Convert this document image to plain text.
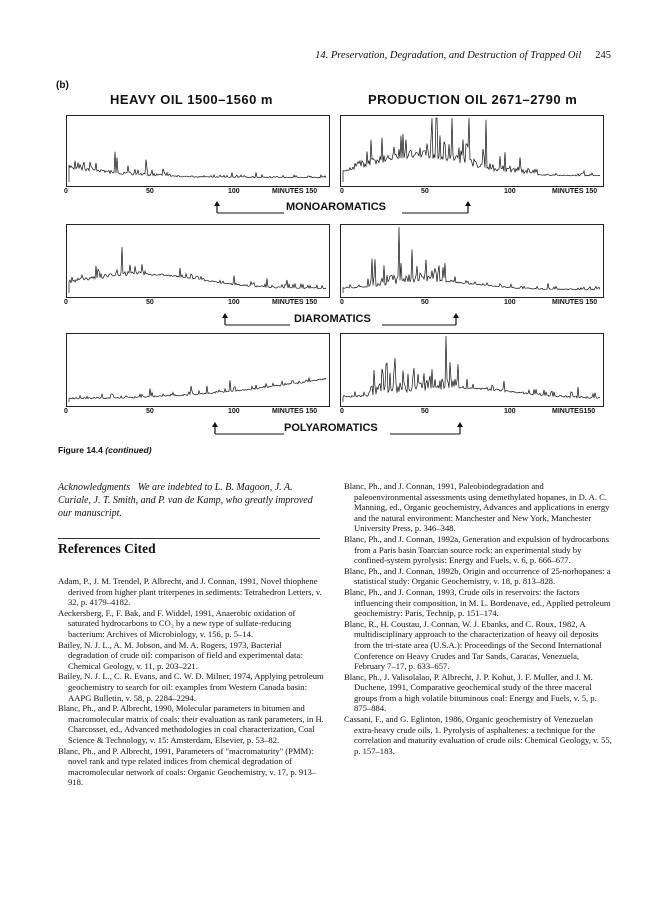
14. Preservation, Degradation, and Destruction of Trapped Oil 245
(b)
HEAVY OIL 1500–1560 m	PRODUCTION OIL 2671–2790 m
0	50	100	MINUTES 150	0	50	100	MINUTES 150
MONOAROMATICS
0	50	100	MINUTES 150	0	50	100	MINUTES 150
DIAROMATICS
0	50	100	MINUTES 150	0	50	100	MINUTES150
POLYAROMATICS
Figure 14.4 (continued)
Acknowledgments We are indebted to L. B. Magoon, J. A. Curiale, J. T. Smith, and P. van de Kamp, who greatly improved our manuscript.
References Cited

Adam, P., J. M. Trendel, P. Albrecht, and J. Connan, 1991, Novel thiophene derived from higher plant triterpenes in sediments: Tetrahedron Letters, v. 32, p. 4179–4182.

Aeckersberg, F., F. Bak, and F. Widdel, 1991, Anaerobic oxidation of saturated hydrocarbons to CO₂ by a new type of sulfate-reducing bacterium: Archives of Microbiology, v. 156, p. 5–14.

Bailey, N. J. L., A. M. Jobson, and M. A. Rogers, 1973, Bacterial degradation of crude oil: comparison of field and experimental data: Chemical Geology, v. 11, p. 203–221.

Bailey, N. J. L., C. R. Evans, and C. W. D. Milner, 1974, Applying petroleum geochemistry to search for oil: examples from Western Canada basin: AAPG Bulletin, v. 58, p. 2284–2294.

Blanc, Ph., and P. Albrecht, 1990, Molecular parameters in bitumen and macromolecular matrix of coals: their evaluation as rank parameters, in H. Charcosset, ed., Advanced methodologies in coal characterization, Coal Science & Technology, v. 15: Amsterdam, Elsevier, p. 53–82.

Blanc, Ph., and P. Albrecht, 1991, Parameters of "macromaturity" (PMM): novel rank and type related indices from chemical degradation of macromolecular network of coals: Organic Geochemistry, v. 17, p. 913–918.

Blanc, Ph., and J. Connan, 1991, Paleobiodegradation and paleoenvironmental assessments using demethylated hopanes, in D. A. C. Manning, ed., Organic geochemistry, Advances and applications in energy and the natural environment: Manchester and New York, Manchester University Press, p. 346–348.

Blanc, Ph., and J. Connan, 1992a, Generation and expulsion of hydrocarbons from a Paris basin Toarcian source rock: an experimental study by confined-system pyrolysis: Energy and Fuels, v. 6, p. 666–677.

Blanc, Ph., and J. Connan, 1992b, Origin and occurrence of 25-norhopanes: a statistical study: Organic Geochemistry, v. 18, p. 813–828.

Blanc, Ph., and J. Connan, 1993, Crude oils in reservoirs: the factors influencing their composition, in M. L. Bordenave, ed., Applied petroleum geochemistry: Paris, Technip, p. 151–174.

Blanc, R., H. Coustau, J. Connan, W. J. Ebanks, and C. Roux, 1982, A multidisciplinary approach to the characterization of heavy oil deposits from the tri-state area (U.S.A.): Proceedings of the Second International Conference on Heavy Crudes and Tar Sands, Caracas, Venezuela, February 7–17, p. 633–657.

Blanc, Ph., J. Valisolalao, P. Albrecht, J. P. Kohut, J. F. Muller, and J. M. Duchene, 1991, Comparative geochemical study of the three maceral groups from a high volatile bituminous coal: Energy and Fuels, v. 5, p. 875–884.

Cassani, F., and G. Eglinton, 1986, Organic geochemistry of Venezuelan extra-heavy crude oils, 1. Pyrolysis of asphaltenes: a technique for the correlation and maturity evaluation of crude oils: Chemical Geology, v. 55, p. 157–183.
